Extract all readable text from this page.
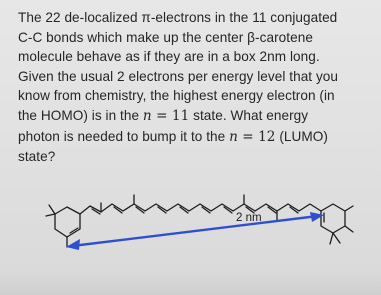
The 22 de-localized π-electrons in the 11 conjugated
C-C bonds which make up the center β-carotene
molecule behave as if they are in a box 2nm long.
Given the usual 2 electrons per energy level that you
know from chemistry, the highest energy electron (in
the HOMO) is in the n = 11 state. What energy
photon is needed to bump it to the n = 12 (LUMO)
state?

2 nm
